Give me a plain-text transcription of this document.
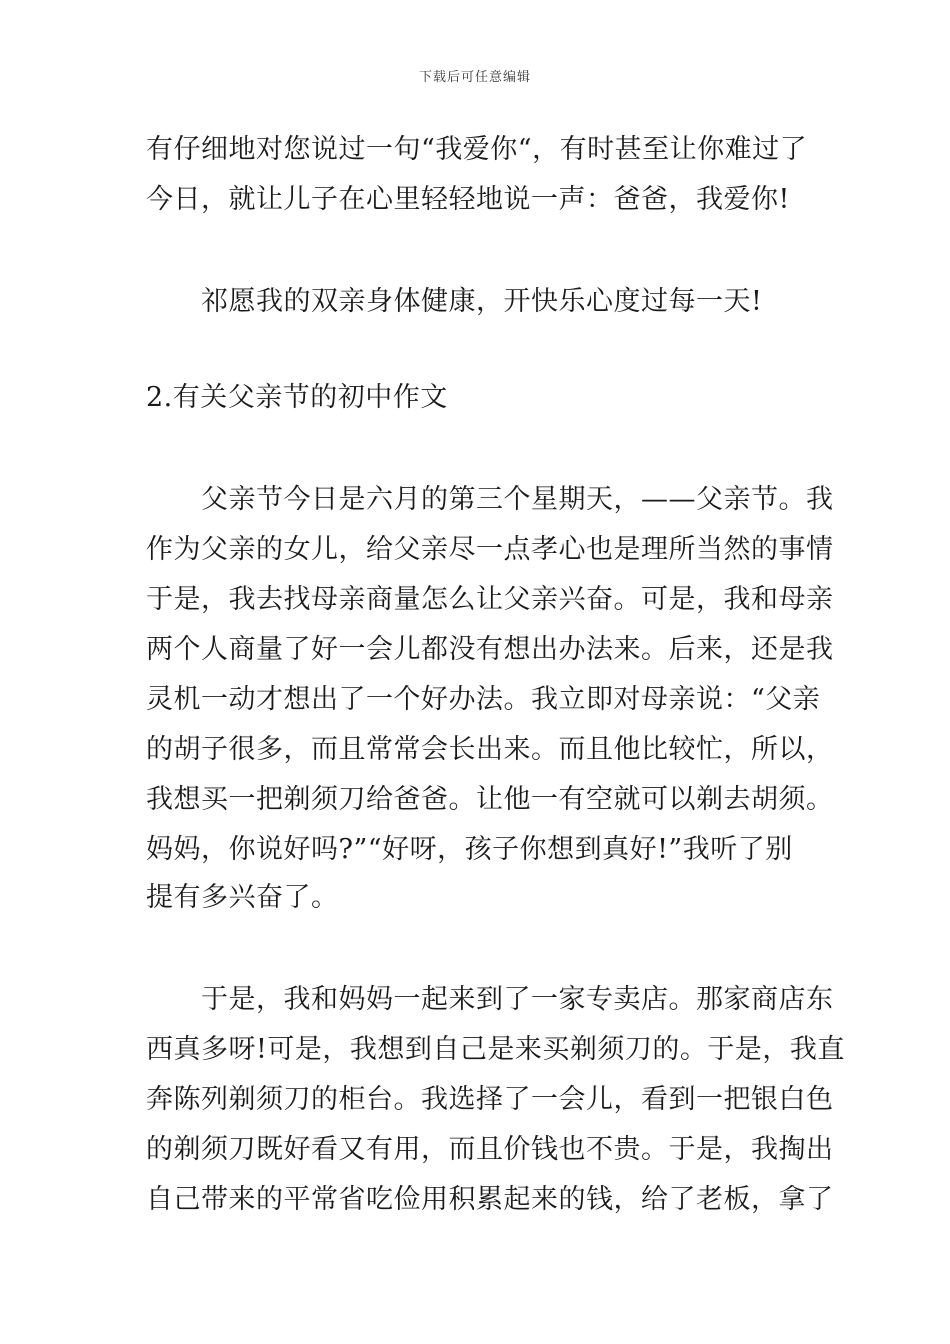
下载后可任意编辑
有仔细地对您说过一句“我爱你“，有时甚至让你难过了
今日，就让儿子在心里轻轻地说一声：爸爸，我爱你!
　　祁愿我的双亲身体健康，开快乐心度过每一天!
2.有关父亲节的初中作文
　　父亲节今日是六月的第三个星期天，——父亲节。我
作为父亲的女儿，给父亲尽一点孝心也是理所当然的事情
于是，我去找母亲商量怎么让父亲兴奋。可是，我和母亲
两个人商量了好一会儿都没有想出办法来。后来，还是我
灵机一动才想出了一个好办法。我立即对母亲说：“父亲
的胡子很多，而且常常会长出来。而且他比较忙，所以，
我想买一把剃须刀给爸爸。让他一有空就可以剃去胡须。
妈妈，你说好吗?”“好呀，孩子你想到真好!”我听了别
提有多兴奋了。
　　于是，我和妈妈一起来到了一家专卖店。那家商店东
西真多呀!可是，我想到自己是来买剃须刀的。于是，我直
奔陈列剃须刀的柜台。我选择了一会儿，看到一把银白色
的剃须刀既好看又有用，而且价钱也不贵。于是，我掏出
自己带来的平常省吃俭用积累起来的钱，给了老板，拿了
